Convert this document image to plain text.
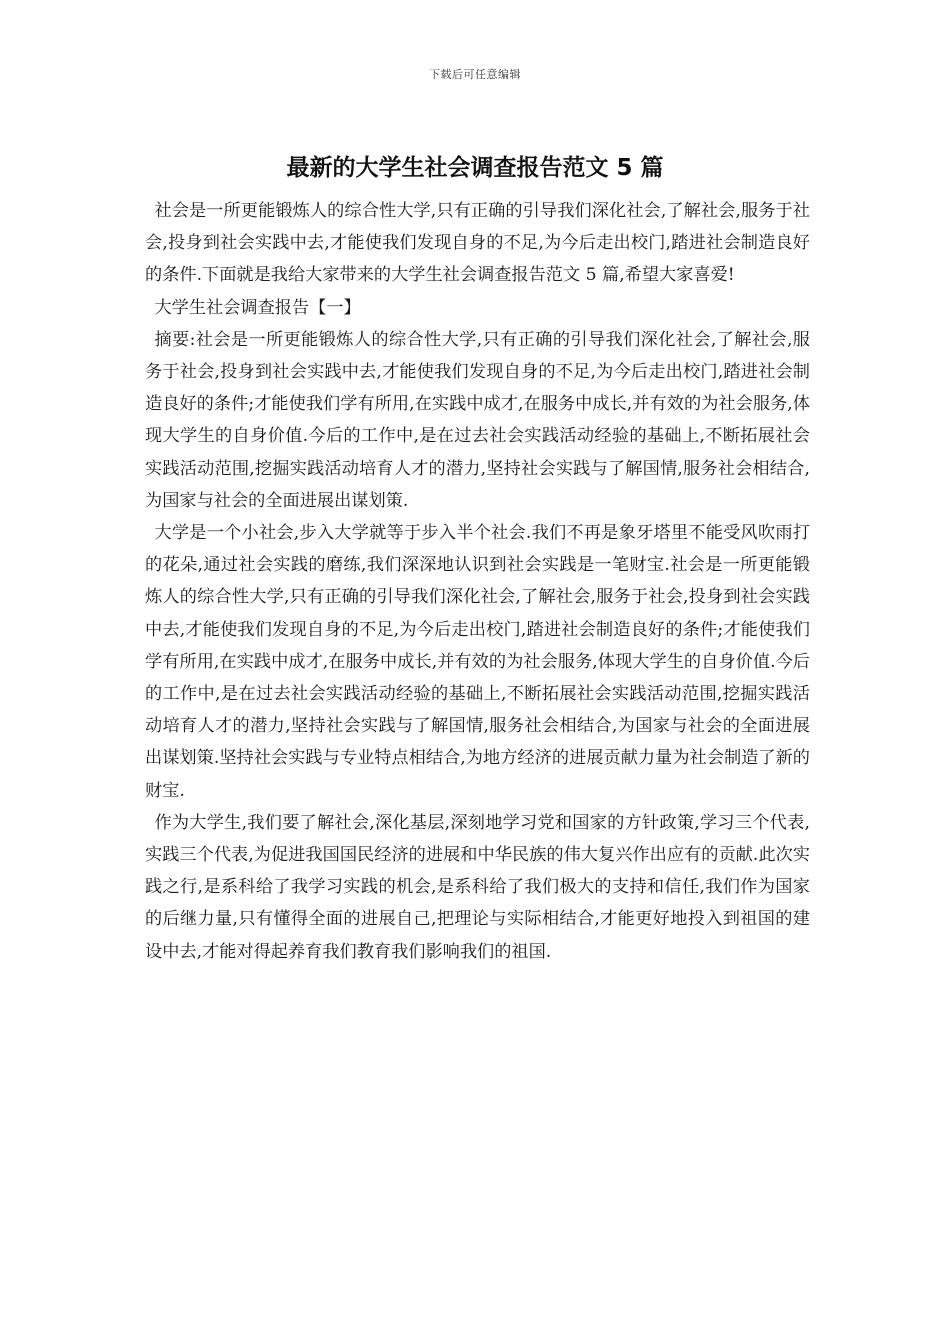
下载后可任意编辑
最新的大学生社会调查报告范文 5 篇

社会是一所更能锻炼人的综合性大学,只有正确的引导我们深化社会,了解社会,服务于社会,投身到社会实践中去,才能使我们发现自身的不足,为今后走出校门,踏进社会制造良好的条件.下面就是我给大家带来的大学生社会调查报告范文 5 篇,希望大家喜爱!

大学生社会调查报告【一】

摘要:社会是一所更能锻炼人的综合性大学,只有正确的引导我们深化社会,了解社会,服务于社会,投身到社会实践中去,才能使我们发现自身的不足,为今后走出校门,踏进社会制造良好的条件;才能使我们学有所用,在实践中成才,在服务中成长,并有效的为社会服务,体现大学生的自身价值.今后的工作中,是在过去社会实践活动经验的基础上,不断拓展社会实践活动范围,挖掘实践活动培育人才的潜力,坚持社会实践与了解国情,服务社会相结合,为国家与社会的全面进展出谋划策.

大学是一个小社会,步入大学就等于步入半个社会.我们不再是象牙塔里不能受风吹雨打的花朵,通过社会实践的磨练,我们深深地认识到社会实践是一笔财宝.社会是一所更能锻炼人的综合性大学,只有正确的引导我们深化社会,了解社会,服务于社会,投身到社会实践中去,才能使我们发现自身的不足,为今后走出校门,踏进社会制造良好的条件;才能使我们学有所用,在实践中成才,在服务中成长,并有效的为社会服务,体现大学生的自身价值.今后的工作中,是在过去社会实践活动经验的基础上,不断拓展社会实践活动范围,挖掘实践活动培育人才的潜力,坚持社会实践与了解国情,服务社会相结合,为国家与社会的全面进展出谋划策.坚持社会实践与专业特点相结合,为地方经济的进展贡献力量为社会制造了新的财宝.

作为大学生,我们要了解社会,深化基层,深刻地学习党和国家的方针政策,学习三个代表,实践三个代表,为促进我国国民经济的进展和中华民族的伟大复兴作出应有的贡献.此次实践之行,是系科给了我学习实践的机会,是系科给了我们极大的支持和信任,我们作为国家的后继力量,只有懂得全面的进展自己,把理论与实际相结合,才能更好地投入到祖国的建设中去,才能对得起养育我们教育我们影响我们的祖国.
